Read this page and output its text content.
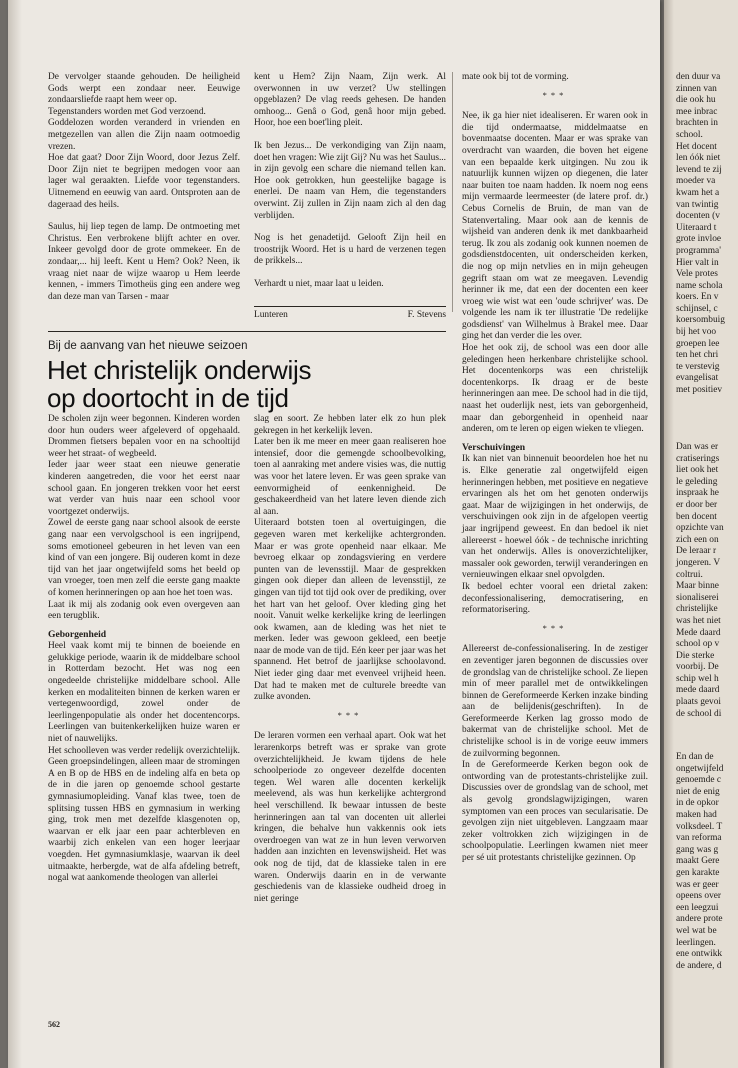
De vervolger staande gehouden. De heiligheid Gods werpt een zondaar neer. Eeuwige zondaarsliefde raapt hem weer op.

Tegenstanders worden met God verzoend.

Goddelozen worden veranderd in vrienden en metgezellen van allen die Zijn naam ootmoedig vrezen.

Hoe dat gaat? Door Zijn Woord, door Jezus Zelf. Door Zijn niet te begrijpen medogen voor aan lager wal geraakten. Liefde voor tegenstanders. Uitnemend en eeuwig van aard. Ontsproten aan de dageraad des heils.

Saulus, hij liep tegen de lamp. De ontmoeting met Christus. Een verbrokene blijft achter en over. Inkeer gevolgd door de grote ommekeer. En de zondaar,... hij leeft. Kent u Hem? Ook? Neen, ik vraag niet naar de wijze waarop u Hem leerde kennen, - immers Timotheüs ging een andere weg dan deze man van Tarsen - maar

kent u Hem? Zijn Naam, Zijn werk. Al overwonnen in uw verzet? Uw stellingen opgeblazen? De vlag reeds gehesen. De handen omhoog... Genâ o God, genâ hoor mijn gebed. Hoor, hoe een boet'ling pleit.

Ik ben Jezus... De verkondiging van Zijn naam, doet hen vragen: Wie zijt Gij? Nu was het Saulus... in zijn gevolg een schare die niemand tellen kan. Hoe ook getrokken, hun geestelijke bagage is enerlei. De naam van Hem, die tegenstanders overwint. Zij zullen in Zijn naam zich al den dag verblijden.

Nog is het genadetijd. Gelooft Zijn heil en troostrijk Woord. Het is u hard de verzenen tegen de prikkels...

Verhardt u niet, maar laat u leiden.

Lunteren	F. Stevens
Bij de aanvang van het nieuwe seizoen
Het christelijk onderwijs
op doortocht in de tijd

De scholen zijn weer begonnen. Kinderen worden door hun ouders weer afgeleverd of opgehaald. Drommen fietsers bepalen voor en na schooltijd weer het straat- of wegbeeld.

Ieder jaar weer staat een nieuwe generatie kinderen aangetreden, die voor het eerst naar school gaan. En jongeren trekken voor het eerst wat verder van huis naar een school voor voortgezet onderwijs.

Zowel de eerste gang naar school alsook de eerste gang naar een vervolgschool is een ingrijpend, soms emotioneel gebeuren in het leven van een kind of van een jongere. Bij ouderen komt in deze tijd van het jaar ongetwijfeld soms het beeld op van vroeger, toen men zelf die eerste gang maakte of komen herinneringen op aan hoe het toen was.

Laat ik mij als zodanig ook even overgeven aan een terugblik.

Geborgenheid

Heel vaak komt mij te binnen de boeiende en gelukkige periode, waarin ik de middelbare school in Rotterdam bezocht. Het was nog een ongedeelde christelijke middelbare school. Alle kerken en modaliteiten binnen de kerken waren er vertegenwoordigd, zowel onder de leerlingenpopulatie als onder het docentencorps. Leerlingen van buitenkerkelijken huize waren er niet of nauwelijks.

Het schoolleven was verder redelijk overzichtelijk. Geen groepsindelingen, alleen maar de stromingen A en B op de HBS en de indeling alfa en beta op de in die jaren op genoemde school gestarte gymnasiumopleiding. Vanaf klas twee, toen de splitsing tussen HBS en gymnasium in werking ging, trok men met dezelfde klasgenoten op, waarvan er elk jaar een paar achterbleven en waarbij zich enkelen van een hoger leerjaar voegden. Het gymnasiumklasje, waarvan ik deel uitmaakte, herbergde, wat de alfa afdeling betreft, nogal wat aankomende theologen van allerlei

slag en soort. Ze hebben later elk zo hun plek gekregen in het kerkelijk leven.

Later ben ik me meer en meer gaan realiseren hoe intensief, door die gemengde schoolbevolking, toen al aanraking met andere visies was, die nuttig was voor het latere leven. Er was geen sprake van eenvormigheid of eenkennigheid. De geschakeerdheid van het latere leven diende zich al aan.

Uiteraard botsten toen al overtuigingen, die gegeven waren met kerkelijke achtergronden. Maar er was grote openheid naar elkaar. Me bevroeg elkaar op zondagsviering en verdere punten van de levensstijl. Maar de gesprekken gingen ook dieper dan alleen de levensstijl, ze gingen van tijd tot tijd ook over de prediking, over het hart van het geloof. Over kleding ging het nooit. Vanuit welke kerkelijke kring de leerlingen ook kwamen, aan de kleding was het niet te merken. Ieder was gewoon gekleed, een beetje naar de mode van de tijd. Eén keer per jaar was het spannend. Het betrof de jaarlijkse schoolavond. Niet ieder ging daar met evenveel vrijheid heen. Dat had te maken met de culturele breedte van zulke avonden.

***

De leraren vormen een verhaal apart. Ook wat het lerarenkorps betreft was er sprake van grote overzichtelijkheid. Je kwam tijdens de hele schoolperiode zo ongeveer dezelfde docenten tegen. Wel waren alle docenten kerkelijk meelevend, als was hun kerkelijke achtergrond heel verschillend. Ik bewaar intussen de beste herinneringen aan tal van docenten uit allerlei kringen, die behalve hun vakkennis ook iets overdroegen van wat ze in hun leven verworven hadden aan inzichten en levenswijsheid. Het was ook nog de tijd, dat de klassieke talen in ere waren. Onderwijs daarin en in de verwante geschiedenis van de klassieke oudheid droeg in niet geringe

mate ook bij tot de vorming.

***

Nee, ik ga hier niet idealiseren. Er waren ook in die tijd ondermaatse, middelmaatse en bovenmaatse docenten. Maar er was sprake van overdracht van waarden, die boven het eigene van een bepaalde kerk uitgingen. Nu zou ik natuurlijk kunnen wijzen op diegenen, die later naar buiten toe naam hadden. Ik noem nog eens mijn vermaarde leermeester (de latere prof. dr.) Cebus Cornelis de Bruin, de man van de Statenvertaling. Maar ook aan de kennis de wijsheid van anderen denk ik met dankbaarheid terug. Ik zou als zodanig ook kunnen noemen de godsdienstdocenten, uit onderscheiden kerken, die nog op mijn netvlies en in mijn geheugen gegrift staan om wat ze meegaven. Levendig herinner ik me, dat een der docenten een keer vroeg wie wist wat een 'oude schrijver' was. De volgende les nam ik ter illustratie 'De redelijke godsdienst' van Wilhelmus à Brakel mee. Daar ging het dan verder die les over.

Hoe het ook zij, de school was een door alle geledingen heen herkenbare christelijke school. Het docentenkorps was een christelijk docentenkorps. Ik draag er de beste herinneringen aan mee. De school had in die tijd, naast het ouderlijk nest, iets van geborgenheid, maar dan geborgenheid in openheid naar anderen, om te leren op eigen wieken te vliegen.

Verschuivingen

Ik kan niet van binnenuit beoordelen hoe het nu is. Elke generatie zal ongetwijfeld eigen herinneringen hebben, met positieve en negatieve ervaringen als het om het genoten onderwijs gaat. Maar de wijzigingen in het onderwijs, de verschuivingen ook zijn in de afgelopen veertig jaar ingrijpend geweest. En dan bedoel ik niet allereerst - hoewel óók - de technische inrichting van het onderwijs. Alles is onoverzichtelijker, massaler ook geworden, terwijl veranderingen en vernieuwingen elkaar snel opvolgden.

Ik bedoel echter vooral een drietal zaken: deconfessionalisering, democratisering, en reformatorisering.

***

Allereerst de-confessionalisering. In de zestiger en zeventiger jaren begonnen de discussies over de grondslag van de christelijke school. Ze liepen min of meer parallel met de ontwikkelingen binnen de Gereformeerde Kerken inzake binding aan de belijdenis(geschriften). In de Gereformeerde Kerken lag grosso modo de bakermat van de christelijke school. Met de christelijke school is in de vorige eeuw immers de zuilvorming begonnen.

In de Gereformeerde Kerken begon ook de ontwording van de protestants-christelijke zuil. Discussies over de grondslag van de school, met als gevolg grondslagwijzigingen, waren symptomen van een proces van secularisatie. De gevolgen zijn niet uitgebleven. Langzaam maar zeker voltrokken zich wijzigingen in de schoolpopulatie. Leerlingen kwamen niet meer per sé uit protestants christelijke gezinnen. Op

562
den duur va
zinnen van
die ook hu
mee inbrac
brachten in
school.
Het docent
len óók niet
levend te zij
moeder va
kwam het a
van twintig
docenten (v
Uiteraard t
grote invloe
programma'
Hier valt in
Vele protes
name schola
koers. En v
schijnsel, c
koersombuig
bij het voo
groepen lee
ten het chri
te verstevig
evangelisat
met positiev
Dan was er
cratiserings
liet ook het
le geleding
inspraak he
er door ber
ben docent
opzichte van
zich een on
De leraar r
jongeren. V
coltrui.
Maar binne
sionaliserei
christelijke
was het niet
Mede daard
school op v
Die sterke
voorbij. De
schip wel h
mede daard
plaats gevoi
de school di
En dan de
ongetwijfeld
genoemde c
niet de enig
in de opkor
maken had
volksdeel. T
van reforma
gang was g
maakt Gere
gen karakte
was er geer
opeens over
een leegzui
andere prote
wel wat be
leerlingen.
ene ontwikk
de andere, d
